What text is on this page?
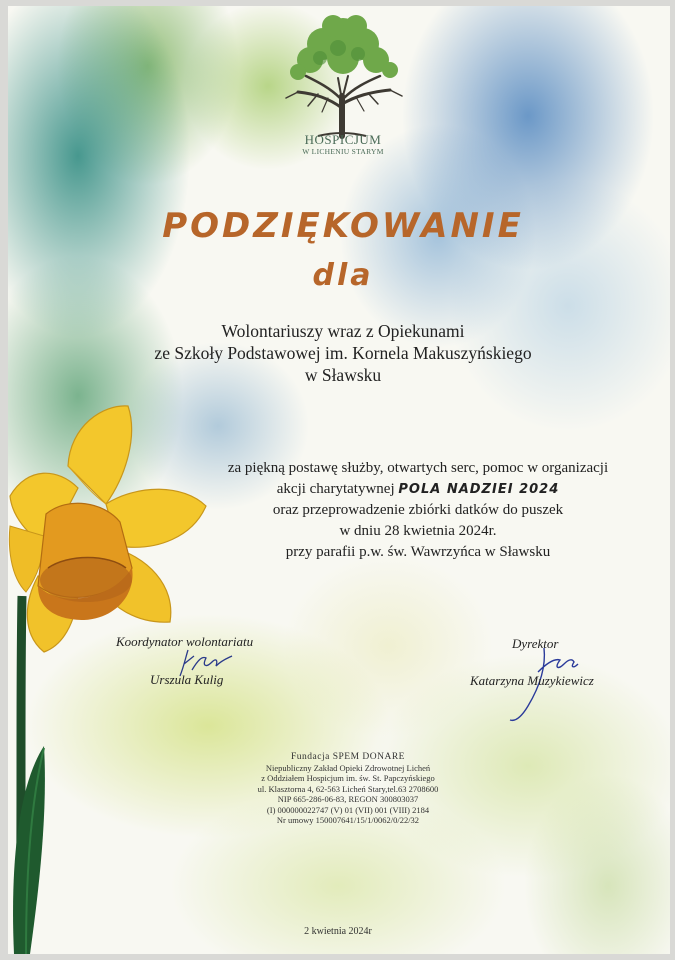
HOSPICJUM
W LICHENIU STARYM
PODZIĘKOWANIE
dla
Wolontariuszy wraz z Opiekunami
ze Szkoły Podstawowej im. Kornela Makuszyńskiego
w Sławsku
za piękną postawę służby, otwartych serc, pomoc w organizacji
akcji charytatywnej POLA NADZIEI 2024
oraz przeprowadzenie zbiórki datków do puszek
w dniu 28 kwietnia 2024r.
przy parafii p.w. św. Wawrzyńca w Sławsku
Koordynator wolontariatu
Urszula Kulig
Dyrektor
Katarzyna Muzykiewicz
Fundacja SPEM DONARE
Niepubliczny Zakład Opieki Zdrowotnej Licheń
z Oddziałem Hospicjum im. św. St. Papczyńskiego
ul. Klasztorna 4, 62-563 Licheń Stary,tel.63 2708600
NIP 665-286-06-83, REGON 300803037
(I) 000000022747 (V) 01 (VII) 001 (VIII) 2184
Nr umowy 150007641/15/1/0062/0/22/32
2 kwietnia 2024r
